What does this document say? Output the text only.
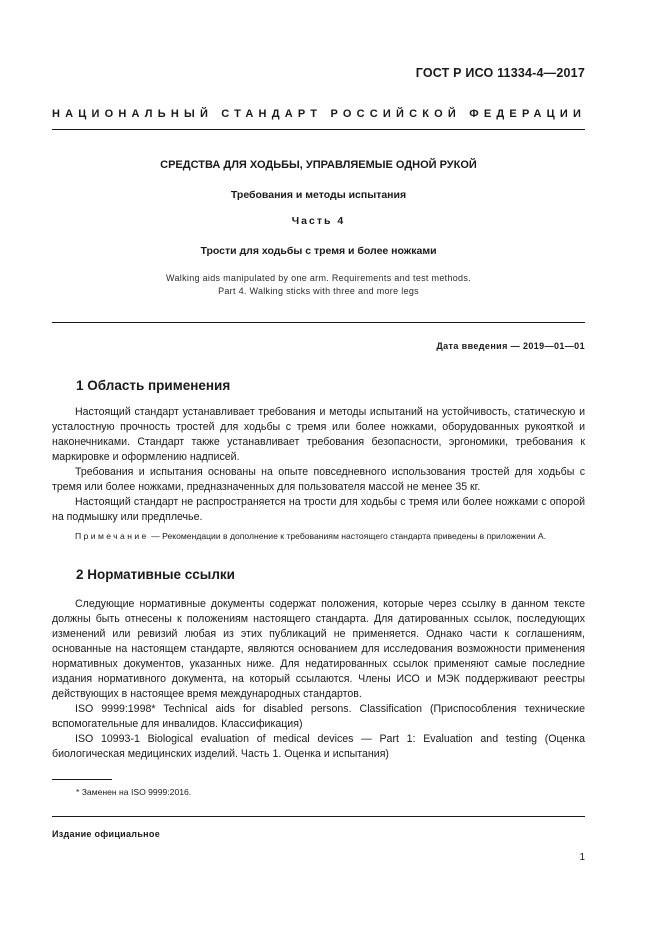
ГОСТ Р ИСО 11334-4—2017
НАЦИОНАЛЬНЫЙ СТАНДАРТ РОССИЙСКОЙ ФЕДЕРАЦИИ
СРЕДСТВА ДЛЯ ХОДЬБЫ, УПРАВЛЯЕМЫЕ ОДНОЙ РУКОЙ
Требования и методы испытания
Часть 4
Трости для ходьбы с тремя и более ножками
Walking aids manipulated by one arm. Requirements and test methods.
Part 4. Walking sticks with three and more legs
Дата введения — 2019—01—01
1 Область применения

Настоящий стандарт устанавливает требования и методы испытаний на устойчивость, статическую и усталостную прочность тростей для ходьбы с тремя или более ножками, оборудованных рукояткой и наконечниками. Стандарт также устанавливает требования безопасности, эргономики, требования к маркировке и оформлению надписей.

Требования и испытания основаны на опыте повседневного использования тростей для ходьбы с тремя или более ножками, предназначенных для пользователя массой не менее 35 кг.

Настоящий стандарт не распространяется на трости для ходьбы с тремя или более ножками с опорой на подмышку или предплечье.

Примечание — Рекомендации в дополнение к требованиям настоящего стандарта приведены в приложении А.
2 Нормативные ссылки

Следующие нормативные документы содержат положения, которые через ссылку в данном тексте должны быть отнесены к положениям настоящего стандарта. Для датированных ссылок, последующих изменений или ревизий любая из этих публикаций не применяется. Однако части к соглашениям, основанные на настоящем стандарте, являются основанием для исследования возможности применения нормативных документов, указанных ниже. Для недатированных ссылок применяют самые последние издания нормативного документа, на который ссылаются. Члены ИСО и МЭК поддерживают реестры действующих в настоящее время международных стандартов.

ISO 9999:1998* Technical aids for disabled persons. Classification (Приспособления технические вспомогательные для инвалидов. Классификация)

ISO 10993-1 Biological evaluation of medical devices — Part 1: Evaluation and testing (Оценка биологическая медицинских изделий. Часть 1. Оценка и испытания)

* Заменен на ISO 9999:2016.
Издание официальное
1
